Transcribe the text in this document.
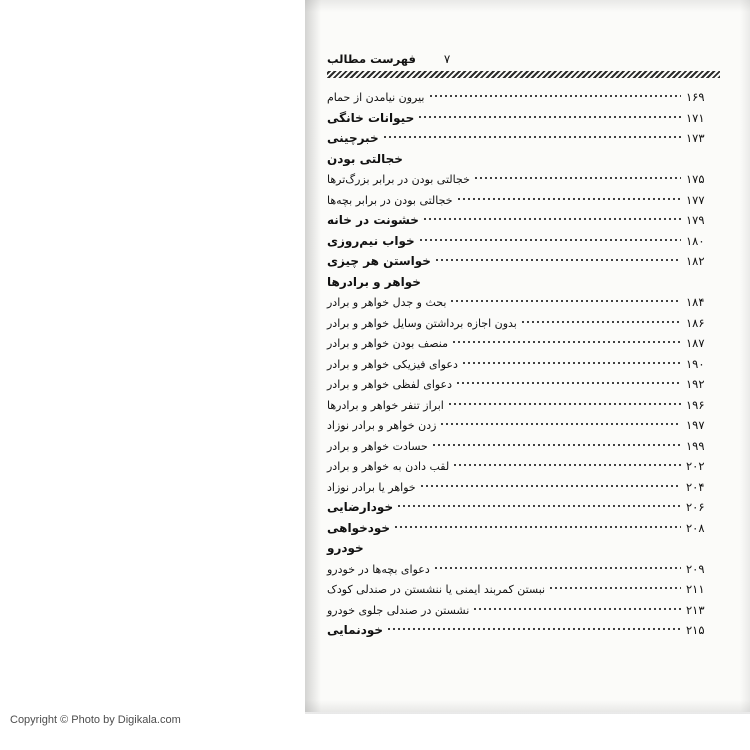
فهرست مطالب	۷
۱۶۹
بیرون نیامدن از حمام
۱۷۱
حیوانات خانگی
۱۷۳
خبرچینی
خجالتی بودن
۱۷۵
خجالتی بودن در برابر بزرگ‌ترها
۱۷۷
خجالتی بودن در برابر بچه‌ها
۱۷۹
خشونت در خانه
۱۸۰
خواب نیم‌روزی
۱۸۲
خواستن هر چیزی
خواهر و برادرها
۱۸۴
بحث و جدل خواهر و برادر
۱۸۶
بدون اجازه برداشتن وسایل خواهر و برادر
۱۸۷
منصف بودن خواهر و برادر
۱۹۰
دعوای فیزیکی خواهر و برادر
۱۹۲
دعوای لفظی خواهر و برادر
۱۹۶
ابراز تنفر خواهر و برادرها
۱۹۷
زدن خواهر و برادر نوزاد
۱۹۹
حسادت خواهر و برادر
۲۰۲
لقب دادن به خواهر و برادر
۲۰۴
خواهر یا برادر نوزاد
۲۰۶
خودارضایی
۲۰۸
خودخواهی
خودرو
۲۰۹
دعوای بچه‌ها در خودرو
۲۱۱
نبستن کمربند ایمنی یا ننشستن در صندلی کودک
۲۱۳
نشستن در صندلی جلوی خودرو
۲۱۵
خودنمایی
Copyright © Photo by Digikala.com
